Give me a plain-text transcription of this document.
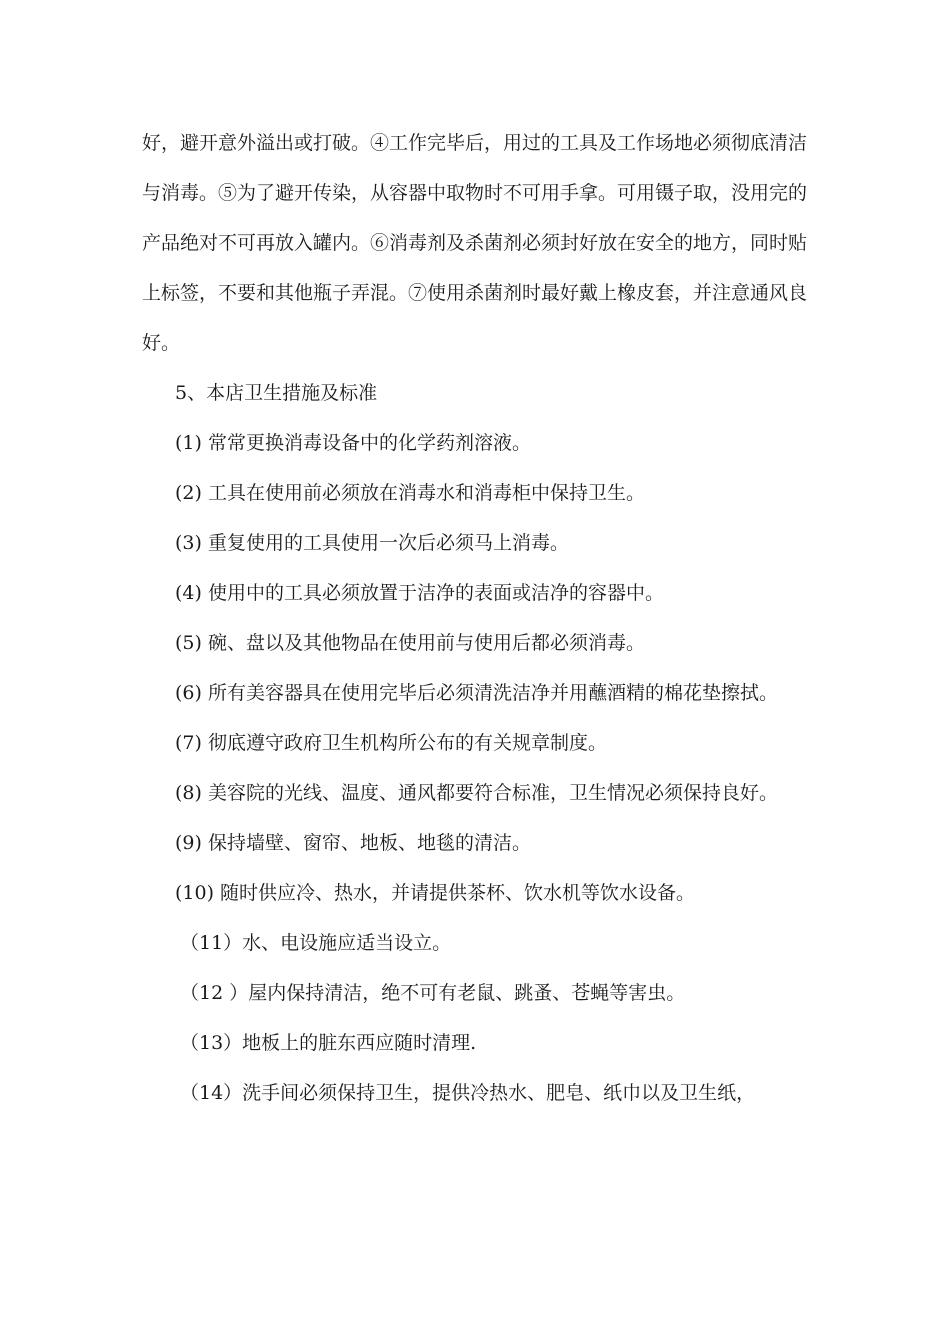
好，避开意外溢出或打破。④工作完毕后，用过的工具及工作场地必须彻底清洁与消毒。⑤为了避开传染，从容器中取物时不可用手拿。可用镊子取，没用完的产品绝对不可再放入罐内。⑥消毒剂及杀菌剂必须封好放在安全的地方，同时贴上标签，不要和其他瓶子弄混。⑦使用杀菌剂时最好戴上橡皮套，并注意通风良好。

5、本店卫生措施及标准

(1) 常常更换消毒设备中的化学药剂溶液。

(2) 工具在使用前必须放在消毒水和消毒柜中保持卫生。

(3) 重复使用的工具使用一次后必须马上消毒。

(4) 使用中的工具必须放置于洁净的表面或洁净的容器中。

(5) 碗、盘以及其他物品在使用前与使用后都必须消毒。

(6) 所有美容器具在使用完毕后必须清洗洁净并用蘸酒精的棉花垫擦拭。

(7) 彻底遵守政府卫生机构所公布的有关规章制度。

(8) 美容院的光线、温度、通风都要符合标准，卫生情况必须保持良好。

(9) 保持墙壁、窗帘、地板、地毯的清洁。

(10) 随时供应冷、热水，并请提供茶杯、饮水机等饮水设备。

（11）水、电设施应适当设立。

（12 ）屋内保持清洁，绝不可有老鼠、跳蚤、苍蝇等害虫。

（13）地板上的脏东西应随时清理.

（14）洗手间必须保持卫生，提供冷热水、肥皂、纸巾以及卫生纸，
